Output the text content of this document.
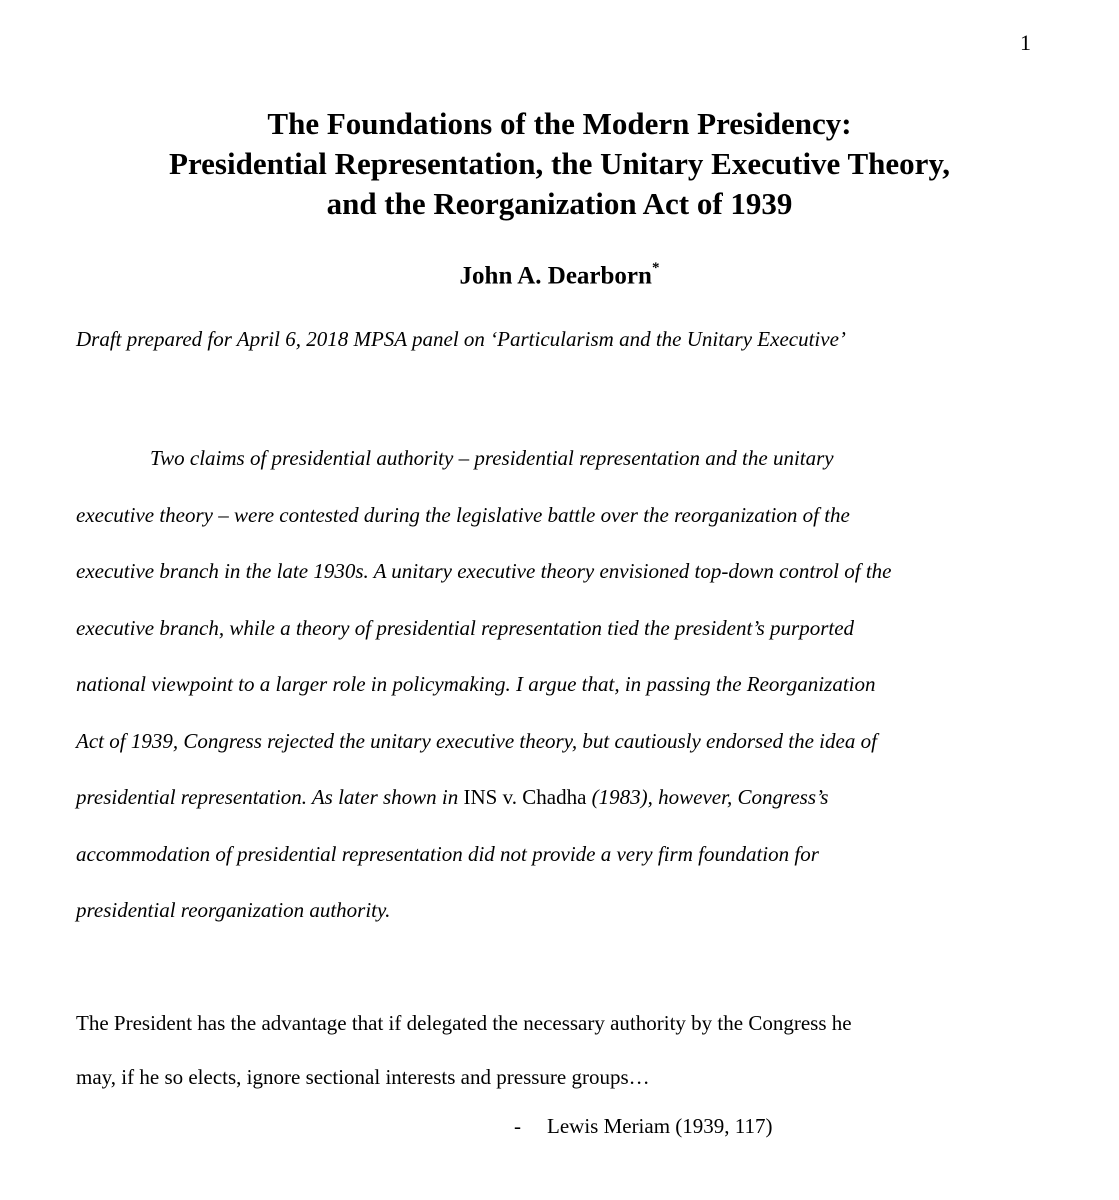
1
The Foundations of the Modern Presidency:
Presidential Representation, the Unitary Executive Theory,
and the Reorganization Act of 1939
John A. Dearborn*
Draft prepared for April 6, 2018 MPSA panel on ‘Particularism and the Unitary Executive’
Two claims of presidential authority – presidential representation and the unitary
executive theory – were contested during the legislative battle over the reorganization of the
executive branch in the late 1930s. A unitary executive theory envisioned top-down control of the
executive branch, while a theory of presidential representation tied the president’s purported
national viewpoint to a larger role in policymaking. I argue that, in passing the Reorganization
Act of 1939, Congress rejected the unitary executive theory, but cautiously endorsed the idea of
presidential representation. As later shown in INS v. Chadha (1983), however, Congress’s
accommodation of presidential representation did not provide a very firm foundation for
presidential reorganization authority.
The President has the advantage that if delegated the necessary authority by the Congress he
may, if he so elects, ignore sectional interests and pressure groups…
- Lewis Meriam (1939, 117)
